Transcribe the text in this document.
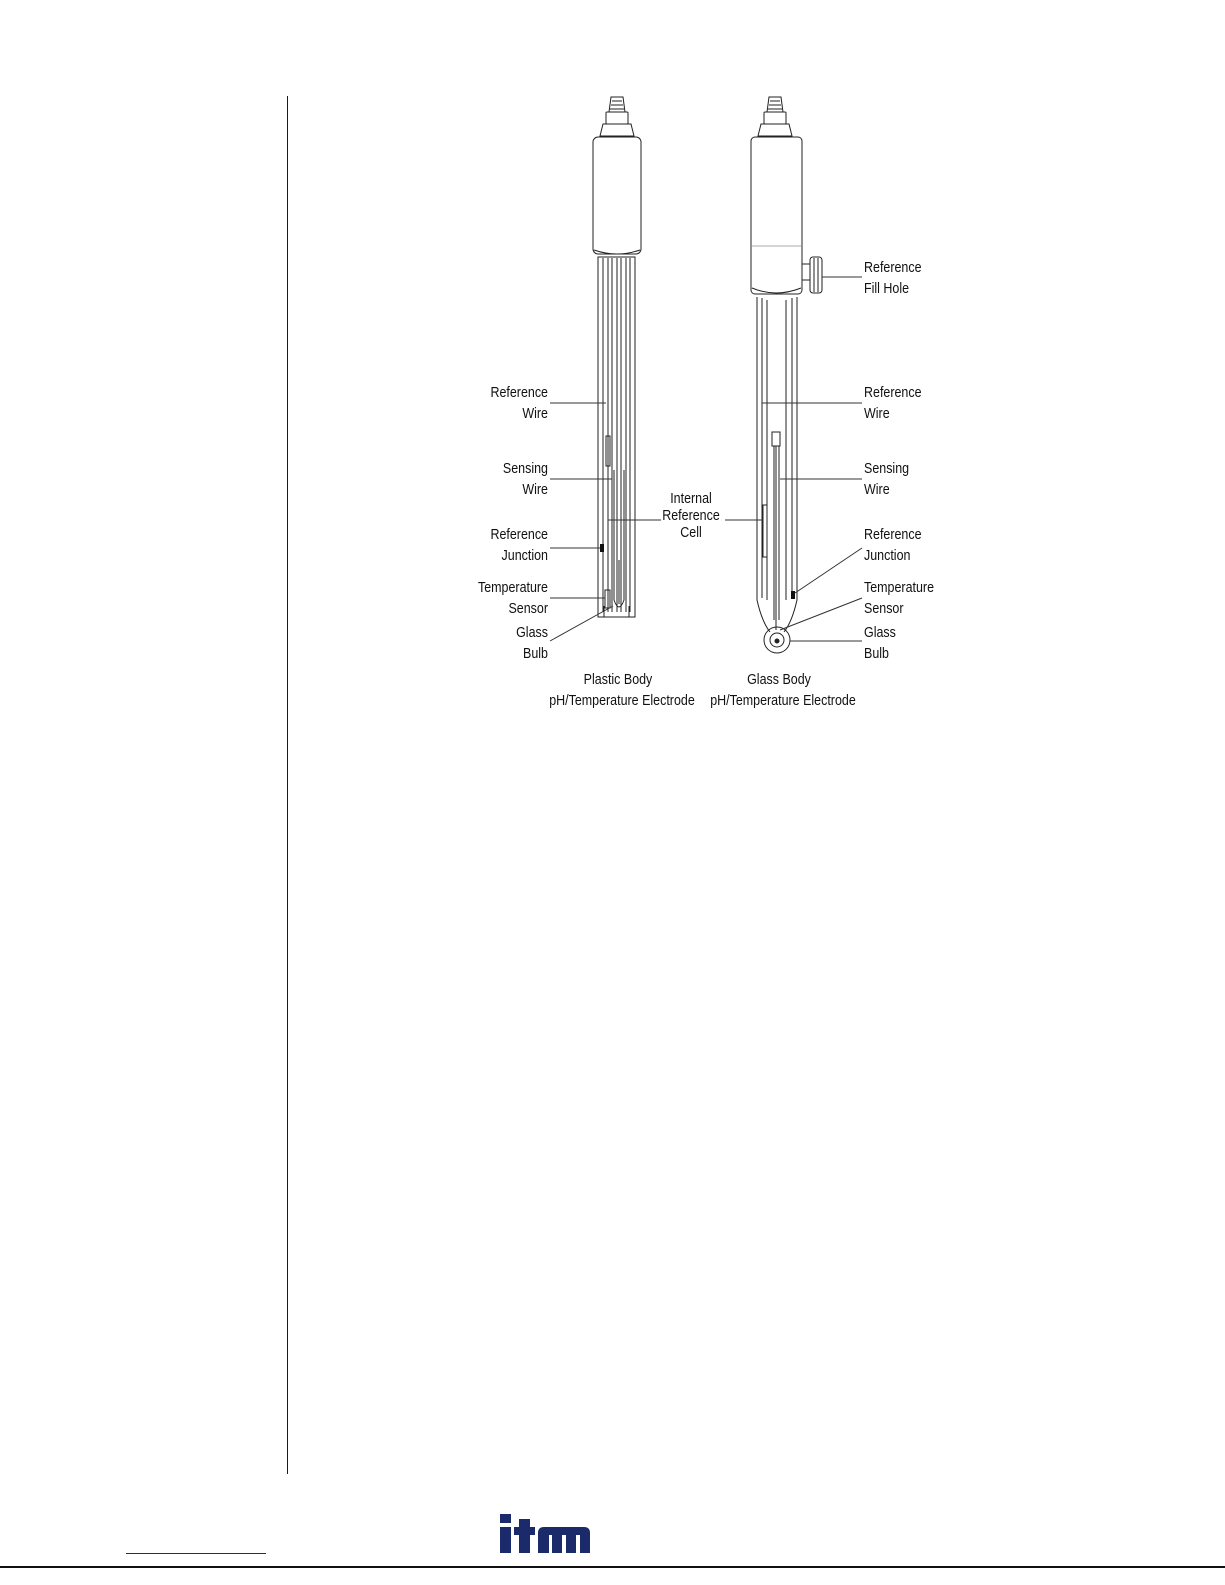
Reference
Wire
Sensing
Wire
Reference
Junction
Temperature
Sensor
Glass
Bulb
Internal
Reference
Cell
Reference
Fill Hole
Reference
Wire
Sensing
Wire
Reference
Junction
Temperature
Sensor
Glass
Bulb
Plastic Body
pH/Temperature Electrode
Glass Body
pH/Temperature Electrode
